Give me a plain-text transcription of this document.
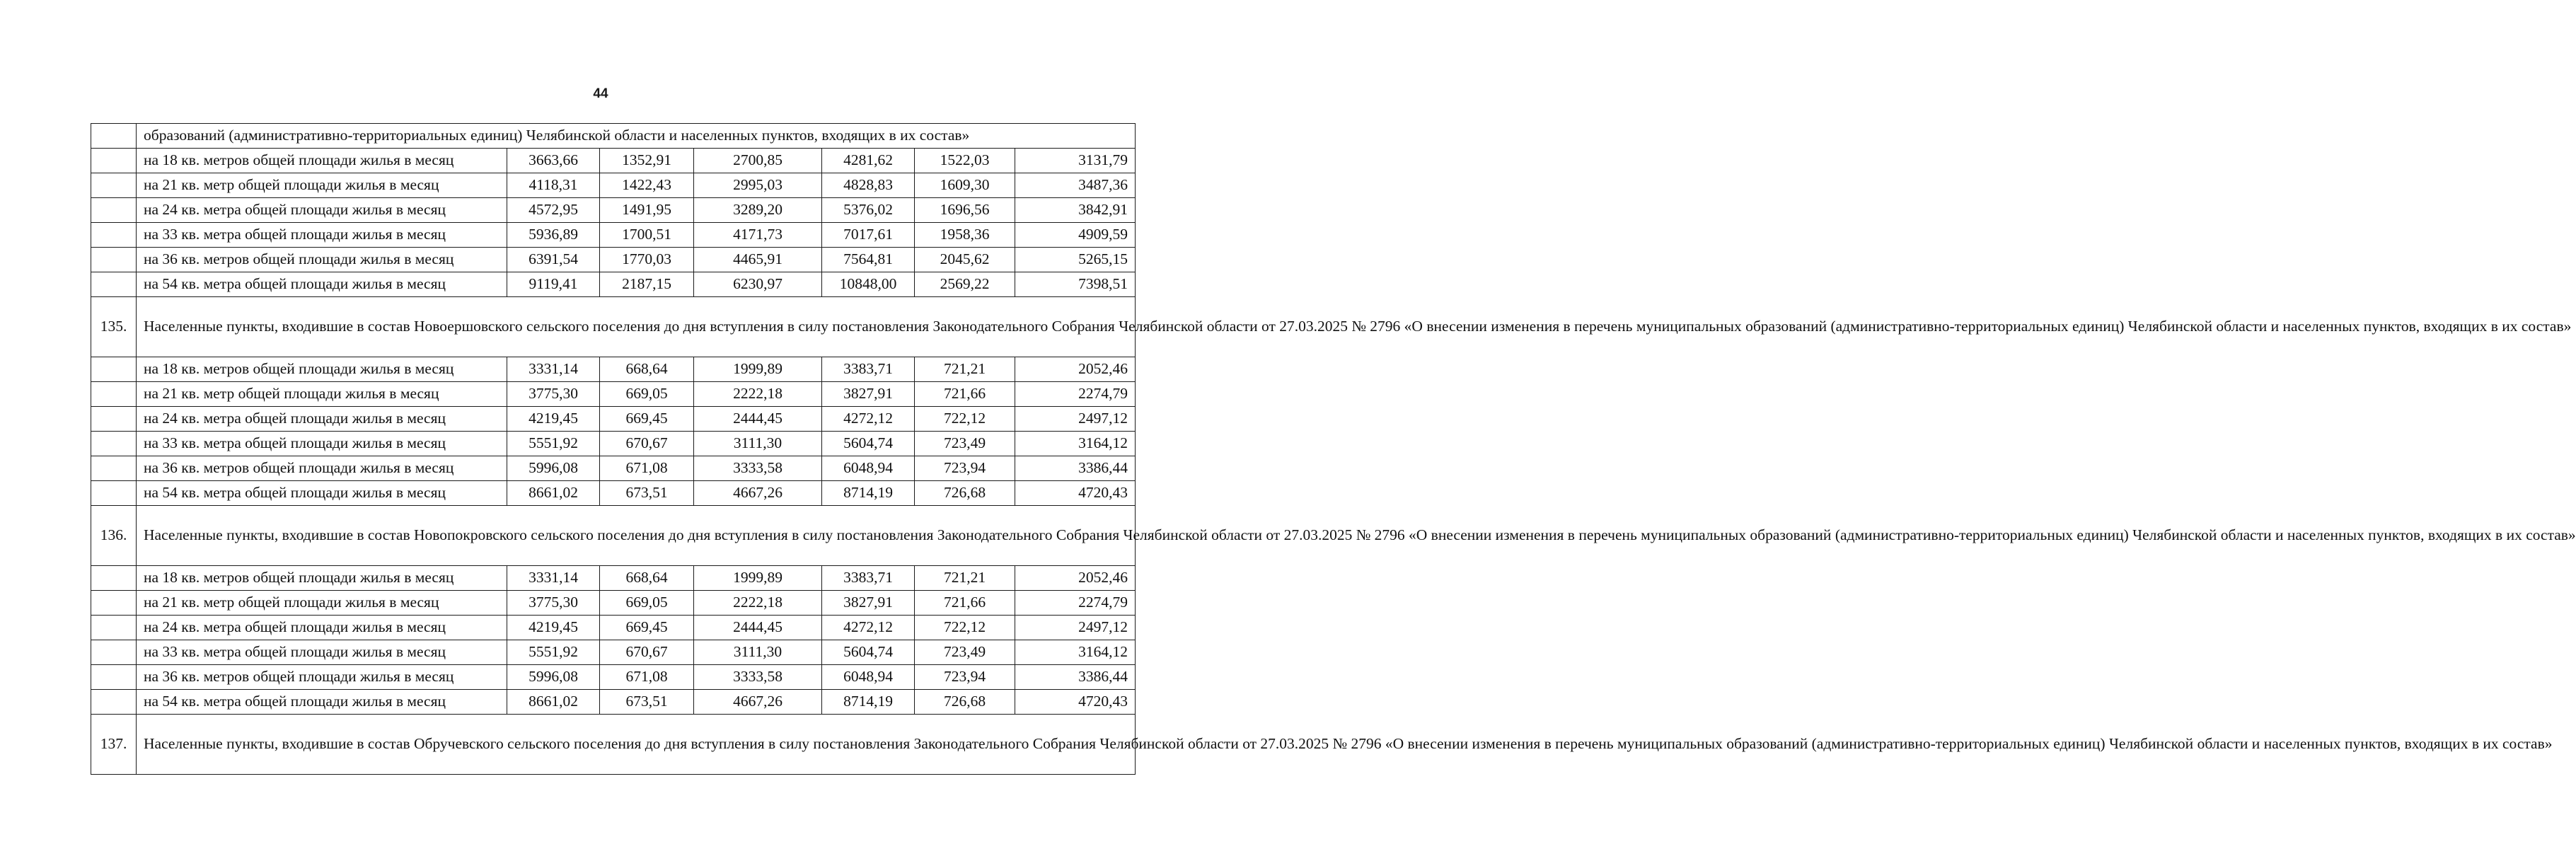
44
	образований (административно-территориальных единиц) Челябинской области и населенных пунктов, входящих в их состав»						
	на 18 кв. метров общей площади жилья в месяц	3663,66	1352,91	2700,85	4281,62	1522,03	3131,79
	на 21 кв. метр общей площади жилья в месяц	4118,31	1422,43	2995,03	4828,83	1609,30	3487,36
	на 24 кв. метра общей площади жилья в месяц	4572,95	1491,95	3289,20	5376,02	1696,56	3842,91
	на 33 кв. метра общей площади жилья в месяц	5936,89	1700,51	4171,73	7017,61	1958,36	4909,59
	на 36 кв. метров общей площади жилья в месяц	6391,54	1770,03	4465,91	7564,81	2045,62	5265,15
	на 54 кв. метра общей площади жилья в месяц	9119,41	2187,15	6230,97	10848,00	2569,22	7398,51
135.	Населенные пункты, входившие в состав Новоершовского сельского поселения до дня вступления в силу постановления Законодательного Собрания Челябинской области от 27.03.2025 № 2796 «О внесении изменения в перечень муниципальных образований (административно-территориальных единиц) Челябинской области и населенных пунктов, входящих в их состав»						
	на 18 кв. метров общей площади жилья в месяц	3331,14	668,64	1999,89	3383,71	721,21	2052,46
	на 21 кв. метр общей площади жилья в месяц	3775,30	669,05	2222,18	3827,91	721,66	2274,79
	на 24 кв. метра общей площади жилья в месяц	4219,45	669,45	2444,45	4272,12	722,12	2497,12
	на 33 кв. метра общей площади жилья в месяц	5551,92	670,67	3111,30	5604,74	723,49	3164,12
	на 36 кв. метров общей площади жилья в месяц	5996,08	671,08	3333,58	6048,94	723,94	3386,44
	на 54 кв. метра общей площади жилья в месяц	8661,02	673,51	4667,26	8714,19	726,68	4720,43
136.	Населенные пункты, входившие в состав Новопокровского сельского поселения до дня вступления в силу постановления Законодательного Собрания Челябинской области от 27.03.2025 № 2796 «О внесении изменения в перечень муниципальных образований (административно-территориальных единиц) Челябинской области и населенных пунктов, входящих в их состав»						
	на 18 кв. метров общей площади жилья в месяц	3331,14	668,64	1999,89	3383,71	721,21	2052,46
	на 21 кв. метр общей площади жилья в месяц	3775,30	669,05	2222,18	3827,91	721,66	2274,79
	на 24 кв. метра общей площади жилья в месяц	4219,45	669,45	2444,45	4272,12	722,12	2497,12
	на 33 кв. метра общей площади жилья в месяц	5551,92	670,67	3111,30	5604,74	723,49	3164,12
	на 36 кв. метров общей площади жилья в месяц	5996,08	671,08	3333,58	6048,94	723,94	3386,44
	на 54 кв. метра общей площади жилья в месяц	8661,02	673,51	4667,26	8714,19	726,68	4720,43
137.	Населенные пункты, входившие в состав Обручевского сельского поселения до дня вступления в силу постановления Законодательного Собрания Челябинской области от 27.03.2025 № 2796 «О внесении изменения в перечень муниципальных образований (административно-территориальных единиц) Челябинской области и населенных пунктов, входящих в их состав»						
